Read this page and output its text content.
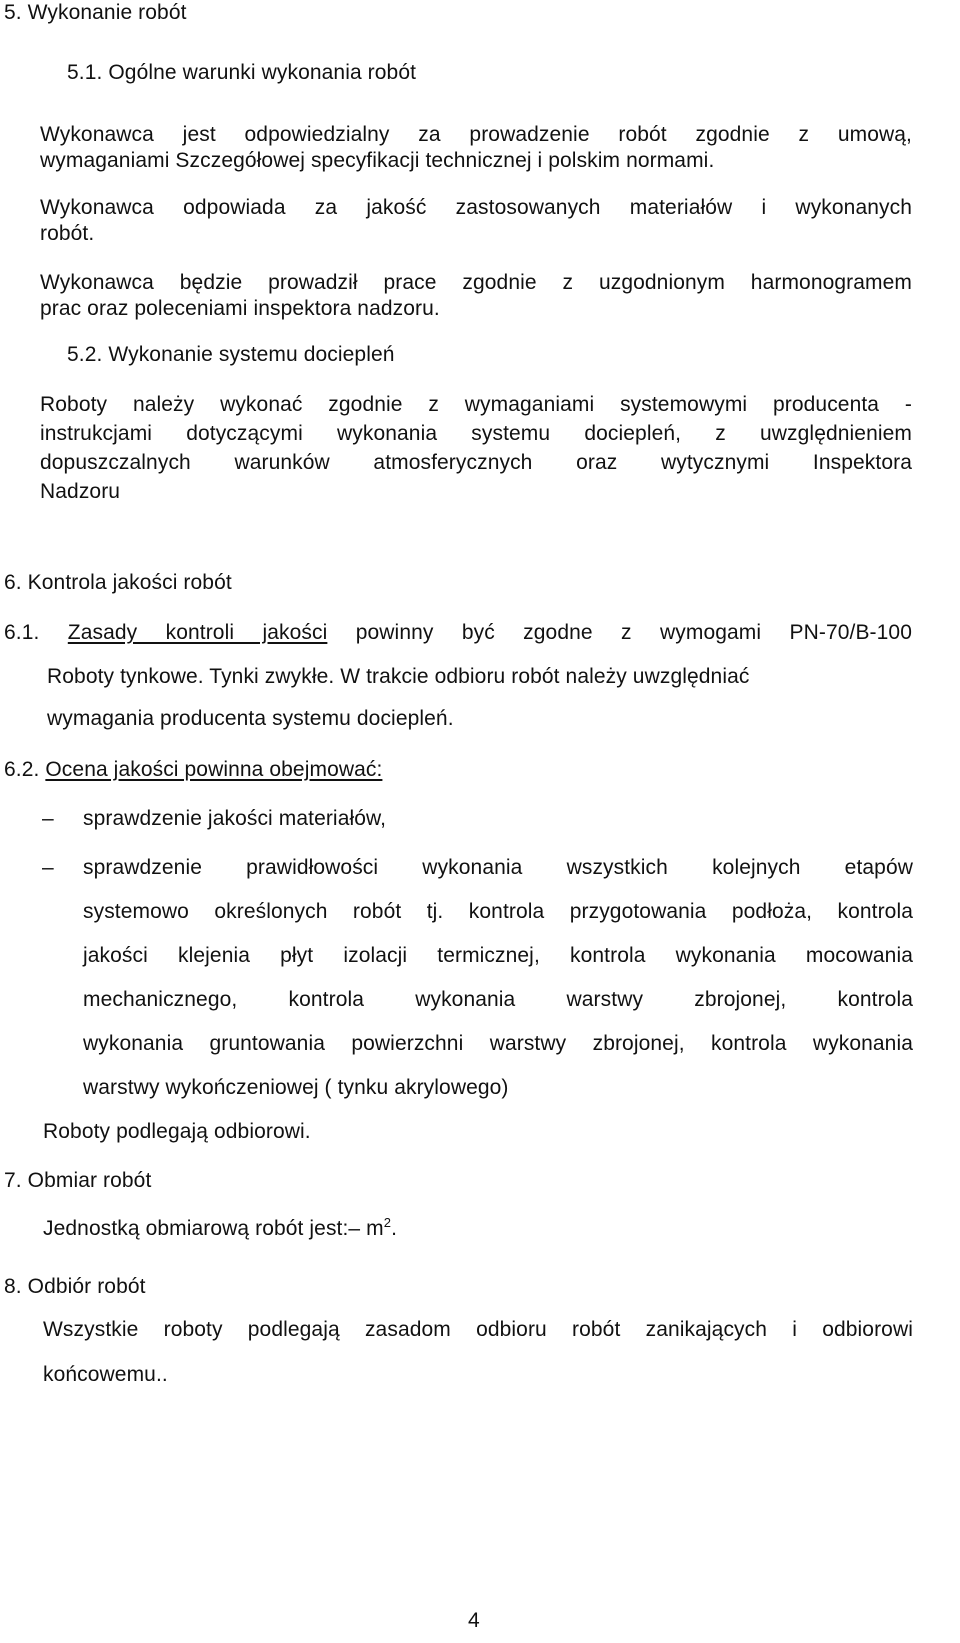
5. Wykonanie robót
5.1. Ogólne warunki wykonania robót
Wykonawca jest odpowiedzialny za prowadzenie robót zgodnie z umową,
wymaganiami Szczegółowej specyfikacji technicznej i polskim normami.
Wykonawca odpowiada za jakość zastosowanych materiałów i wykonanych
robót.
Wykonawca będzie prowadził prace zgodnie z uzgodnionym harmonogramem
prac oraz poleceniami inspektora nadzoru.
5.2. Wykonanie systemu dociepleń
Roboty należy wykonać zgodnie z wymaganiami systemowymi producenta -
instrukcjami dotyczącymi wykonania systemu dociepleń, z uwzględnieniem
dopuszczalnych warunków atmosferycznych oraz wytycznymi Inspektora
Nadzoru
6. Kontrola jakości robót
6.1. Zasady kontroli jakości powinny być zgodne z wymogami PN-70/B-100
Roboty tynkowe. Tynki zwykłe. W trakcie odbioru robót należy uwzględniać
wymagania producenta systemu dociepleń.
6.2. Ocena jakości powinna obejmować:
– sprawdzenie jakości materiałów,
– sprawdzenie prawidłowości wykonania wszystkich kolejnych etapów
systemowo określonych robót tj. kontrola przygotowania podłoża, kontrola
jakości klejenia płyt izolacji termicznej, kontrola wykonania mocowania
mechanicznego, kontrola wykonania warstwy zbrojonej, kontrola
wykonania gruntowania powierzchni warstwy zbrojonej, kontrola wykonania
warstwy wykończeniowej ( tynku akrylowego)
Roboty podlegają odbiorowi.
7. Obmiar robót
Jednostką obmiarową robót jest:– $m^2$.
8. Odbiór robót
Wszystkie roboty podlegają zasadom odbioru robót zanikających i odbiorowi
końcowemu..
4
